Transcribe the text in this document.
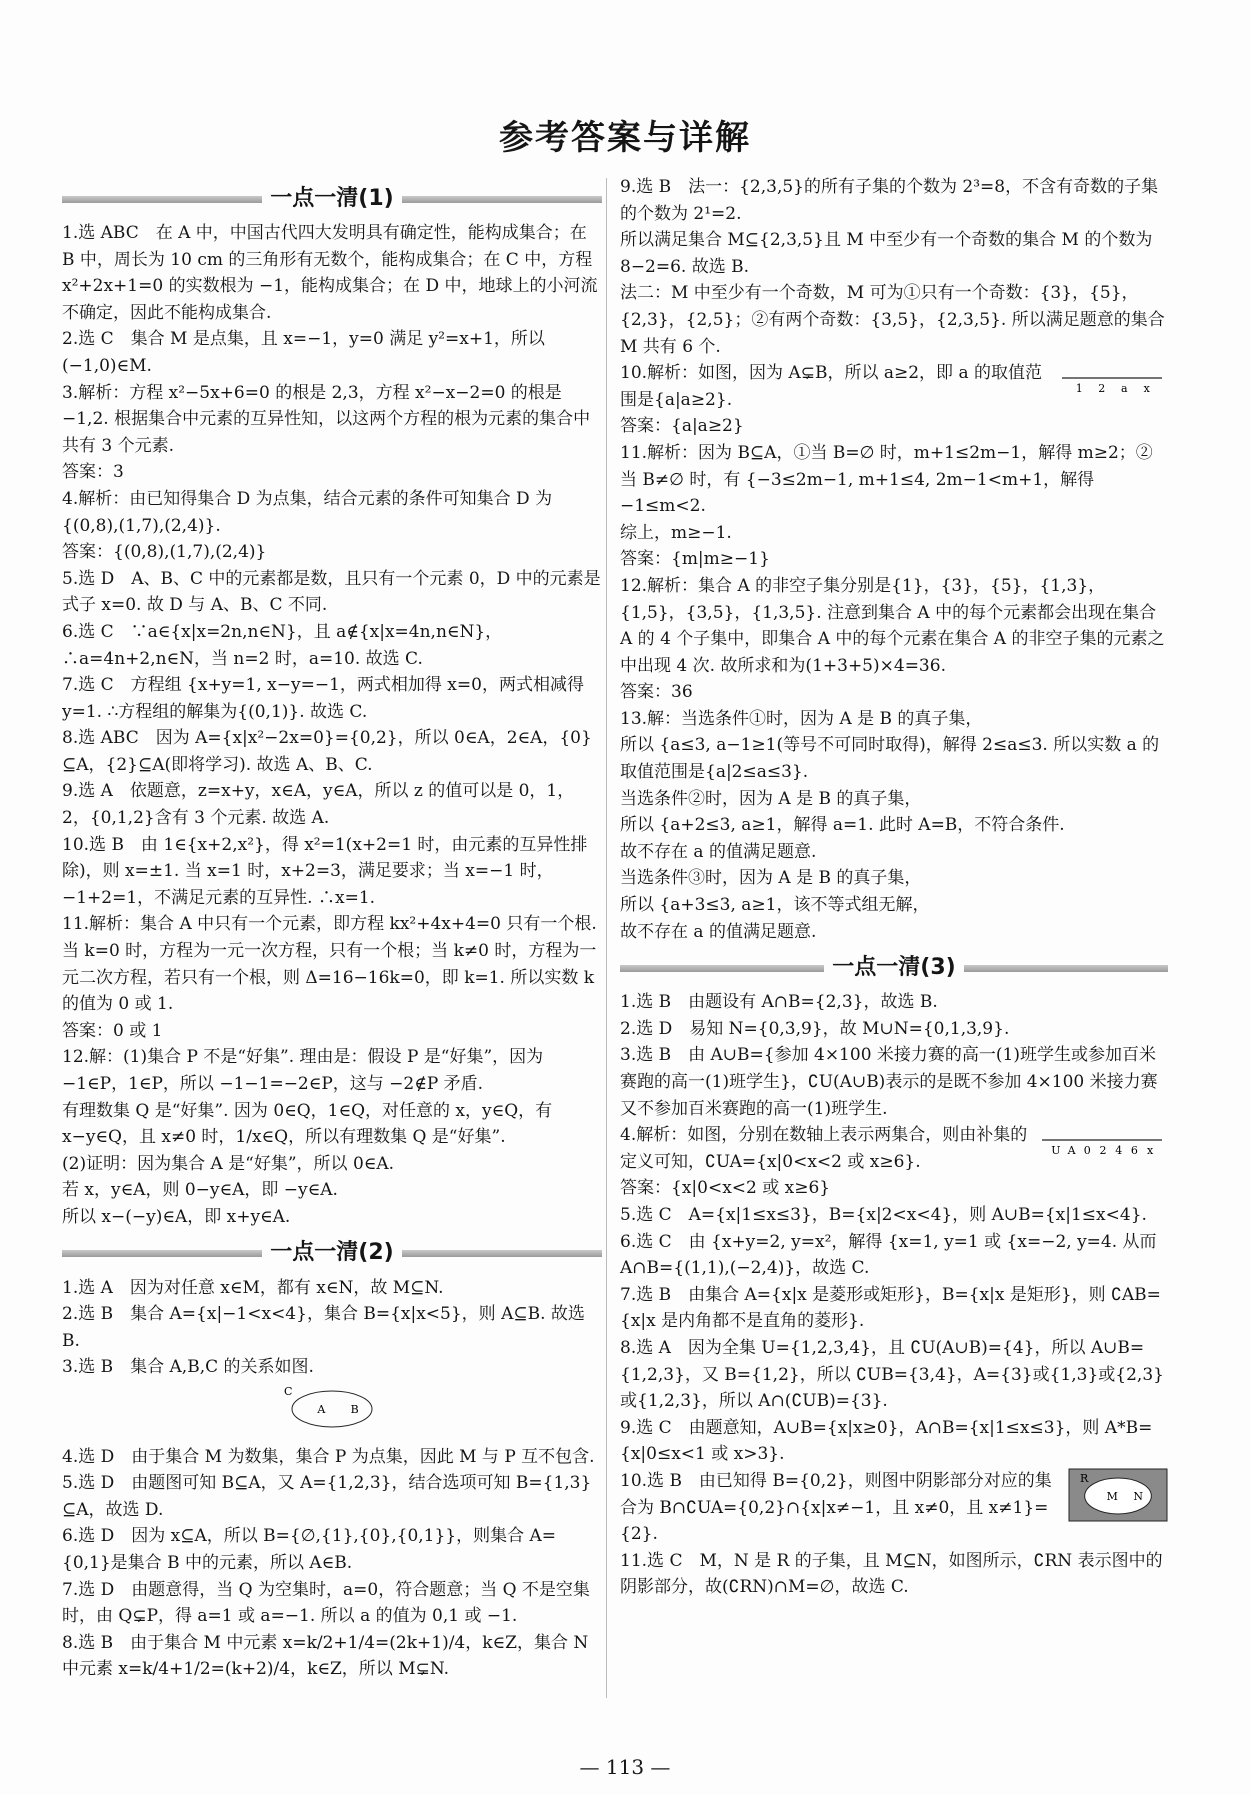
参考答案与详解
一点一清(1)

1.选 ABC　在 A 中，中国古代四大发明具有确定性，能构成集合；在 B 中，周长为 10 cm 的三角形有无数个，能构成集合；在 C 中，方程 x²+2x+1=0 的实数根为 −1，能构成集合；在 D 中，地球上的小河流不确定，因此不能构成集合.

2.选 C　集合 M 是点集，且 x=−1，y=0 满足 y²=x+1，所以 (−1,0)∈M.

3.解析：方程 x²−5x+6=0 的根是 2,3，方程 x²−x−2=0 的根是 −1,2. 根据集合中元素的互异性知，以这两个方程的根为元素的集合中共有 3 个元素.

答案：3

4.解析：由已知得集合 D 为点集，结合元素的条件可知集合 D 为{(0,8),(1,7),(2,4)}.

答案：{(0,8),(1,7),(2,4)}

5.选 D　A、B、C 中的元素都是数，且只有一个元素 0，D 中的元素是式子 x=0. 故 D 与 A、B、C 不同.

6.选 C　∵a∈{x|x=2n,n∈N}，且 a∉{x|x=4n,n∈N}，∴a=4n+2,n∈N，当 n=2 时，a=10. 故选 C.

7.选 C　方程组 {x+y=1, x−y=−1，两式相加得 x=0，两式相减得 y=1. ∴方程组的解集为{(0,1)}. 故选 C.

8.选 ABC　因为 A={x|x²−2x=0}={0,2}，所以 0∈A，2∈A，{0}⊆A，{2}⊆A(即将学习). 故选 A、B、C.

9.选 A　依题意，z=x+y，x∈A，y∈A，所以 z 的值可以是 0，1，2，{0,1,2}含有 3 个元素. 故选 A.

10.选 B　由 1∈{x+2,x²}，得 x²=1(x+2=1 时，由元素的互异性排除)，则 x=±1. 当 x=1 时，x+2=3，满足要求；当 x=−1 时，−1+2=1，不满足元素的互异性. ∴x=1.

11.解析：集合 A 中只有一个元素，即方程 kx²+4x+4=0 只有一个根. 当 k=0 时，方程为一元一次方程，只有一个根；当 k≠0 时，方程为一元二次方程，若只有一个根，则 Δ=16−16k=0，即 k=1. 所以实数 k 的值为 0 或 1.

答案：0 或 1

12.解：(1)集合 P 不是“好集”. 理由是：假设 P 是“好集”，因为 −1∈P，1∈P，所以 −1−1=−2∈P，这与 −2∉P 矛盾.

有理数集 Q 是“好集”. 因为 0∈Q，1∈Q，对任意的 x，y∈Q，有 x−y∈Q，且 x≠0 时，1/x∈Q，所以有理数集 Q 是“好集”.

(2)证明：因为集合 A 是“好集”，所以 0∈A.

若 x，y∈A，则 0−y∈A，即 −y∈A.

所以 x−(−y)∈A，即 x+y∈A.

一点一清(2)

1.选 A　因为对任意 x∈M，都有 x∈N，故 M⊆N.

2.选 B　集合 A={x|−1<x<4}，集合 B={x|x<5}，则 A⊆B. 故选 B.

3.选 B　集合 A,B,C 的关系如图.

C
A B

4.选 D　由于集合 M 为数集，集合 P 为点集，因此 M 与 P 互不包含.

5.选 D　由题图可知 B⊆A，又 A={1,2,3}，结合选项可知 B={1,3}⊆A，故选 D.

6.选 D　因为 x⊆A，所以 B={∅,{1},{0},{0,1}}，则集合 A={0,1}是集合 B 中的元素，所以 A∈B.

7.选 D　由题意得，当 Q 为空集时，a=0，符合题意；当 Q 不是空集时，由 Q⊊P，得 a=1 或 a=−1. 所以 a 的值为 0,1 或 −1.

8.选 B　由于集合 M 中元素 x=k/2+1/4=(2k+1)/4，k∈Z，集合 N 中元素 x=k/4+1/2=(k+2)/4，k∈Z，所以 M⊊N.

9.选 B　法一：{2,3,5}的所有子集的个数为 2³=8，不含有奇数的子集的个数为 2¹=2.

所以满足集合 M⊆{2,3,5}且 M 中至少有一个奇数的集合 M 的个数为 8−2=6. 故选 B.

法二：M 中至少有一个奇数，M 可为①只有一个奇数：{3}，{5}，{2,3}，{2,5}；②有两个奇数：{3,5}，{2,3,5}. 所以满足题意的集合 M 共有 6 个.

1 2 a x
10.解析：如图，因为 A⊊B，所以 a≥2，即 a 的取值范围是{a|a≥2}.

答案：{a|a≥2}

11.解析：因为 B⊆A，①当 B=∅ 时，m+1≤2m−1，解得 m≥2；②当 B≠∅ 时，有 {−3≤2m−1, m+1≤4, 2m−1<m+1，解得 −1≤m<2.

综上，m≥−1.

答案：{m|m≥−1}

12.解析：集合 A 的非空子集分别是{1}，{3}，{5}，{1,3}，{1,5}，{3,5}，{1,3,5}. 注意到集合 A 中的每个元素都会出现在集合 A 的 4 个子集中，即集合 A 中的每个元素在集合 A 的非空子集的元素之中出现 4 次. 故所求和为(1+3+5)×4=36.

答案：36

13.解：当选条件①时，因为 A 是 B 的真子集，

所以 {a≤3, a−1≥1(等号不可同时取得)，解得 2≤a≤3. 所以实数 a 的取值范围是{a|2≤a≤3}.

当选条件②时，因为 A 是 B 的真子集，

所以 {a+2≤3, a≥1，解得 a=1. 此时 A=B，不符合条件.

故不存在 a 的值满足题意.

当选条件③时，因为 A 是 B 的真子集，

所以 {a+3≤3, a≥1，该不等式组无解，

故不存在 a 的值满足题意.

一点一清(3)

1.选 B　由题设有 A∩B={2,3}，故选 B.

2.选 D　易知 N={0,3,9}，故 M∪N={0,1,3,9}.

3.选 B　由 A∪B={参加 4×100 米接力赛的高一(1)班学生或参加百米赛跑的高一(1)班学生}，∁U(A∪B)表示的是既不参加 4×100 米接力赛又不参加百米赛跑的高一(1)班学生.

U A 0 2 4 6 x
4.解析：如图，分别在数轴上表示两集合，则由补集的定义可知，∁UA={x|0<x<2 或 x≥6}.

答案：{x|0<x<2 或 x≥6}

5.选 C　A={x|1≤x≤3}，B={x|2<x<4}，则 A∪B={x|1≤x<4}.

6.选 C　由 {x+y=2, y=x²，解得 {x=1, y=1 或 {x=−2, y=4. 从而 A∩B={(1,1),(−2,4)}，故选 C.

7.选 B　由集合 A={x|x 是菱形或矩形}，B={x|x 是矩形}，则 ∁AB={x|x 是内角都不是直角的菱形}.

8.选 A　因为全集 U={1,2,3,4}，且 ∁U(A∪B)={4}，所以 A∪B={1,2,3}，又 B={1,2}，所以 ∁UB={3,4}，A={3}或{1,3}或{2,3}或{1,2,3}，所以 A∩(∁UB)={3}.

9.选 C　由题意知，A∪B={x|x≥0}，A∩B={x|1≤x≤3}，则 A*B={x|0≤x<1 或 x>3}.

R
M N
10.选 B　由已知得 B={0,2}，则图中阴影部分对应的集合为 B∩∁UA={0,2}∩{x|x≠−1，且 x≠0，且 x≠1}={2}.

11.选 C　M，N 是 R 的子集，且 M⊆N，如图所示，∁RN 表示图中的阴影部分，故(∁RN)∩M=∅，故选 C.

— 113 —
